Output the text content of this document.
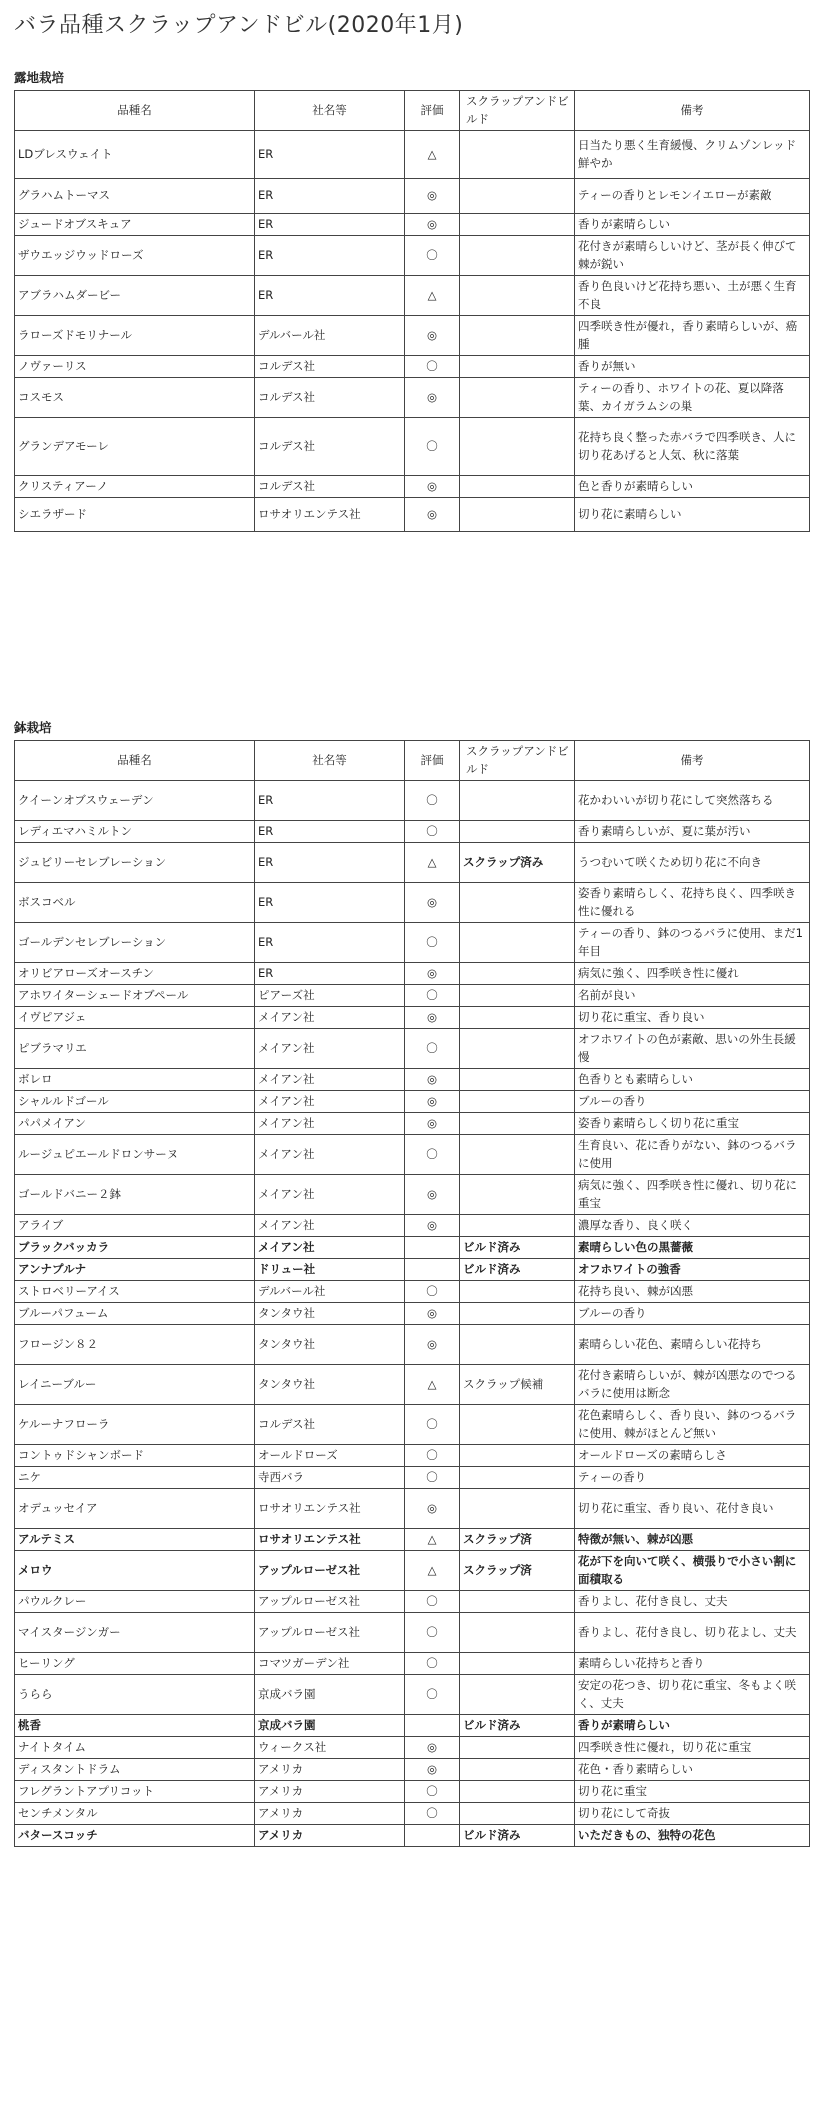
バラ品種スクラップアンドビル(2020年1月)
露地栽培
品種名	社名等	評価	スクラップアンドビルド	備考
LDブレスウェイト	ER	△		日当たり悪く生育緩慢、クリムゾンレッド鮮やか
グラハムトーマス	ER	◎		ティーの香りとレモンイエローが素敵
ジュードオブスキュア	ER	◎		香りが素晴らしい
ザウエッジウッドローズ	ER	〇		花付きが素晴らしいけど、茎が長く伸びて棘が鋭い
アブラハムダービー	ER	△		香り色良いけど花持ち悪い、土が悪く生育不良
ラローズドモリナール	デルバール社	◎		四季咲き性が優れ，香り素晴らしいが、癌腫
ノヴァーリス	コルデス社	〇		香りが無い
コスモス	コルデス社	◎		ティーの香り、ホワイトの花、夏以降落葉、カイガラムシの巣
グランデアモーレ	コルデス社	〇		花持ち良く整った赤バラで四季咲き、人に切り花あげると人気、秋に落葉
クリスティアーノ	コルデス社	◎		色と香りが素晴らしい
シエラザード	ロサオリエンテス社	◎		切り花に素晴らしい
鉢栽培
品種名	社名等	評価	スクラップアンドビルド	備考
クイーンオブスウェーデン	ER	〇		花かわいいが切り花にして突然落ちる
レディエマハミルトン	ER	〇		香り素晴らしいが、夏に葉が汚い
ジュビリーセレブレーション	ER	△	スクラップ済み	うつむいて咲くため切り花に不向き
ボスコベル	ER	◎		姿香り素晴らしく、花持ち良く、四季咲き性に優れる
ゴールデンセレブレーション	ER	〇		ティーの香り、鉢のつるバラに使用、まだ1年目
オリビアローズオースチン	ER	◎		病気に強く、四季咲き性に優れ
アホワイターシェードオブペール	ピアーズ社	〇		名前が良い
イヴピアジェ	メイアン社	◎		切り花に重宝、香り良い
ピブラマリエ	メイアン社	〇		オフホワイトの色が素敵、思いの外生長緩慢
ボレロ	メイアン社	◎		色香りとも素晴らしい
シャルルドゴール	メイアン社	◎		ブルーの香り
パパメイアン	メイアン社	◎		姿香り素晴らしく切り花に重宝
ルージュピエールドロンサーヌ	メイアン社	〇		生育良い、花に香りがない、鉢のつるバラに使用
ゴールドバニー２鉢	メイアン社	◎		病気に強く、四季咲き性に優れ、切り花に重宝
アライブ	メイアン社	◎		濃厚な香り、良く咲く
ブラックバッカラ	メイアン社		ビルド済み	素晴らしい色の黒薔薇
アンナプルナ	ドリュー社		ビルド済み	オフホワイトの強香
ストロベリーアイス	デルバール社	〇		花持ち良い、棘が凶悪
ブルーパフューム	タンタウ社	◎		ブルーの香り
フロージン８２	タンタウ社	◎		素晴らしい花色、素晴らしい花持ち
レイニーブルー	タンタウ社	△	スクラップ候補	花付き素晴らしいが、棘が凶悪なのでつるバラに使用は断念
ケルーナフローラ	コルデス社	〇		花色素晴らしく、香り良い、鉢のつるバラに使用、棘がほとんど無い
コントゥドシャンボード	オールドローズ	〇		オールドローズの素晴らしさ
ニケ	寺西バラ	〇		ティーの香り
オデュッセイア	ロサオリエンテス社	◎		切り花に重宝、香り良い、花付き良い
アルテミス	ロサオリエンテス社	△	スクラップ済	特徴が無い、棘が凶悪
メロウ	アップルローゼス社	△	スクラップ済	花が下を向いて咲く、横張りで小さい割に面積取る
パウルクレー	アップルローゼス社	〇		香りよし、花付き良し、丈夫
マイスタージンガー	アップルローゼス社	〇		香りよし、花付き良し、切り花よし、丈夫
ヒーリング	コマツガーデン社	〇		素晴らしい花持ちと香り
うらら	京成バラ園	〇		安定の花つき、切り花に重宝、冬もよく咲く、丈夫
桃香	京成バラ園		ビルド済み	香りが素晴らしい
ナイトタイム	ウィークス社	◎		四季咲き性に優れ，切り花に重宝
ディスタントドラム	アメリカ	◎		花色・香り素晴らしい
フレグラントアプリコット	アメリカ	〇		切り花に重宝
センチメンタル	アメリカ	〇		切り花にして奇抜
バタースコッチ	アメリカ		ビルド済み	いただきもの、独特の花色
